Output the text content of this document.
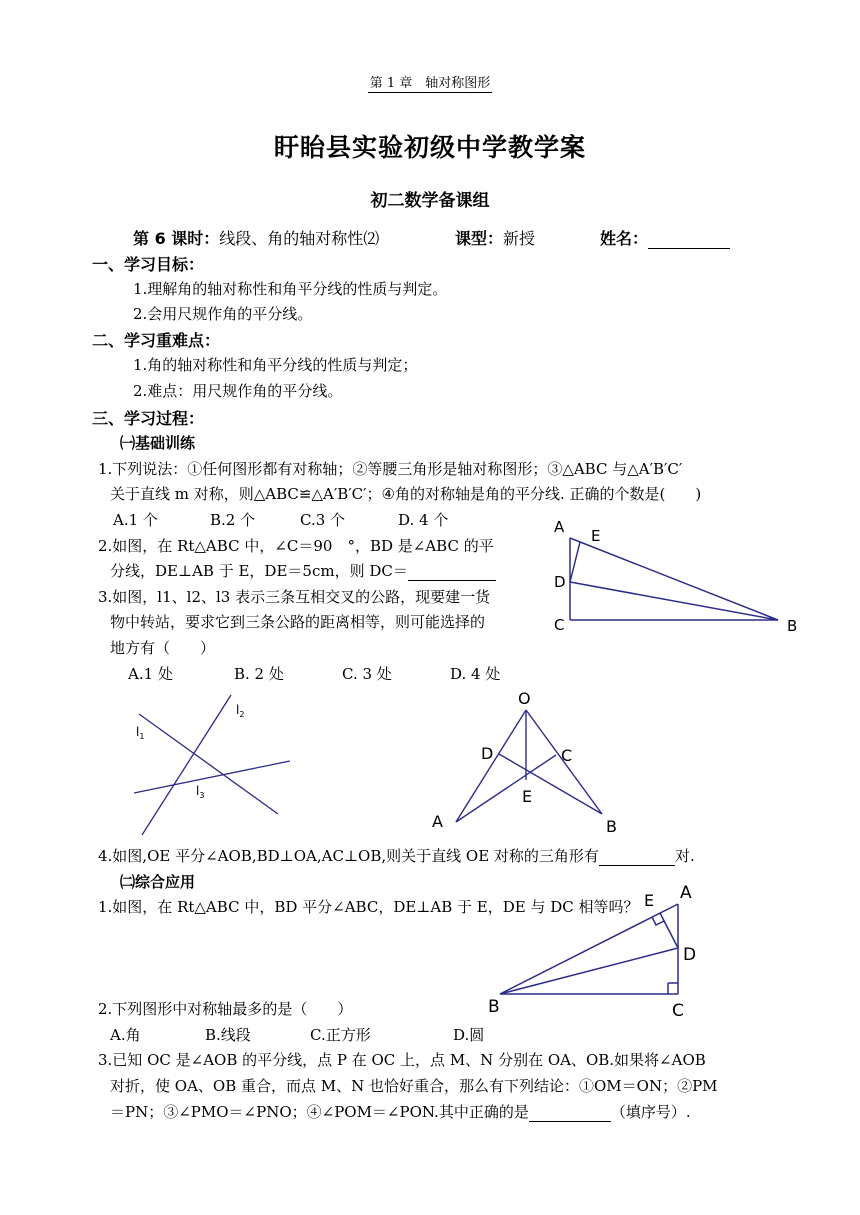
第 1 章　轴对称图形
盱眙县实验初级中学教学案
初二数学备课组
第 6 课时：线段、角的轴对称性⑵	课型：新授	姓名：
一、学习目标：
1.理解角的轴对称性和角平分线的性质与判定。
2.会用尺规作角的平分线。
二、学习重难点：
1.角的轴对称性和角平分线的性质与判定；
2.难点：用尺规作角的平分线。
三、学习过程：
㈠基础训练
1.下列说法：①任何图形都有对称轴；②等腰三角形是轴对称图形；③△ABC 与△A′B′C′
关于直线 m 对称，则△ABC≌△A′B′C′；④角的对称轴是角的平分线. 正确的个数是(　　)
A.1 个	B.2 个	C.3 个	D. 4 个
2.如图，在 Rt△ABC 中，∠C＝90　°，BD 是∠ABC 的平
分线，DE⊥AB 于 E，DE＝5cm，则 DC＝
3.如图，l1、l2、l3 表示三条互相交叉的公路，现要建一货
物中转站，要求它到三条公路的距离相等，则可能选择的
地方有（　　）
A.1 处	B. 2 处	C. 3 处	D. 4 处
A E
D
C	B
$l_1$
$l_2$
$l_3$
O
D	C
E
A	B
4.如图,OE 平分∠AOB,BD⊥OA,AC⊥OB,则关于直线 OE 对称的三角形有	对.
㈡综合应用
1.如图，在 Rt△ABC 中，BD 平分∠ABC，DE⊥AB 于 E，DE 与 DC 相等吗？ E A
D
B	C
2.下列图形中对称轴最多的是（　　）
A.角	B.线段	C.正方形	D.圆
3.已知 OC 是∠AOB 的平分线，点 P 在 OC 上，点 M、N 分别在 OA、OB.如果将∠AOB
对折，使 OA、OB 重合，而点 M、N 也恰好重合，那么有下列结论：①OM＝ON；②PM
＝PN；③∠PMO＝∠PNO；④∠POM＝∠PON.其中正确的是	（填序号）.
